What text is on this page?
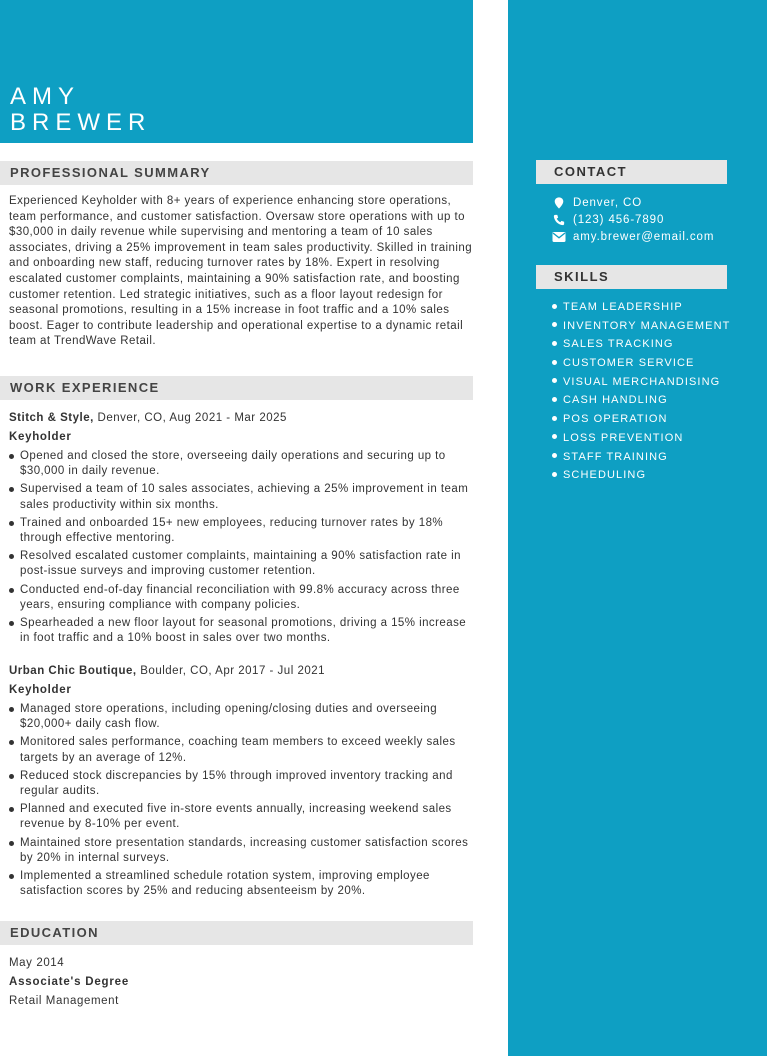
AMY
BREWER
CONTACT
Denver, CO
(123) 456-7890
amy.brewer@email.com
SKILLS
TEAM LEADERSHIP
INVENTORY MANAGEMENT
SALES TRACKING
CUSTOMER SERVICE
VISUAL MERCHANDISING
CASH HANDLING
POS OPERATION
LOSS PREVENTION
STAFF TRAINING
SCHEDULING
PROFESSIONAL SUMMARY

Experienced Keyholder with 8+ years of experience enhancing store operations, team performance, and customer satisfaction. Oversaw store operations with up to $30,000 in daily revenue while supervising and mentoring a team of 10 sales associates, driving a 25% improvement in team sales productivity. Skilled in training and onboarding new staff, reducing turnover rates by 18%. Expert in resolving escalated customer complaints, maintaining a 90% satisfaction rate, and boosting customer retention. Led strategic initiatives, such as a floor layout redesign for seasonal promotions, resulting in a 15% increase in foot traffic and a 10% sales boost. Eager to contribute leadership and operational expertise to a dynamic retail team at TrendWave Retail.

WORK EXPERIENCE
Stitch & Style, Denver, CO, Aug 2021 - Mar 2025
Keyholder
Opened and closed the store, overseeing daily operations and securing up to $30,000 in daily revenue.
Supervised a team of 10 sales associates, achieving a 25% improvement in team sales productivity within six months.
Trained and onboarded 15+ new employees, reducing turnover rates by 18% through effective mentoring.
Resolved escalated customer complaints, maintaining a 90% satisfaction rate in post-issue surveys and improving customer retention.
Conducted end-of-day financial reconciliation with 99.8% accuracy across three years, ensuring compliance with company policies.
Spearheaded a new floor layout for seasonal promotions, driving a 15% increase in foot traffic and a 10% boost in sales over two months.
Urban Chic Boutique, Boulder, CO, Apr 2017 - Jul 2021
Keyholder
Managed store operations, including opening/closing duties and overseeing $20,000+ daily cash flow.
Monitored sales performance, coaching team members to exceed weekly sales targets by an average of 12%.
Reduced stock discrepancies by 15% through improved inventory tracking and regular audits.
Planned and executed five in-store events annually, increasing weekend sales revenue by 8-10% per event.
Maintained store presentation standards, increasing customer satisfaction scores by 20% in internal surveys.
Implemented a streamlined schedule rotation system, improving employee satisfaction scores by 25% and reducing absenteeism by 20%.
EDUCATION
May 2014
Associate's Degree
Retail Management
